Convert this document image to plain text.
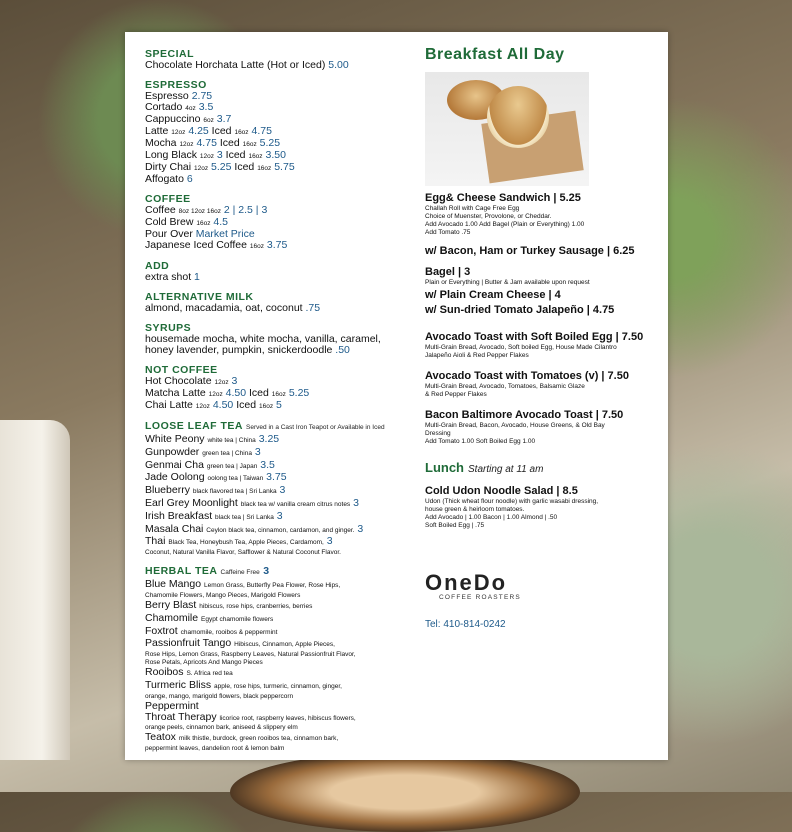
SPECIAL
Chocolate Horchata Latte (Hot or Iced) 5.00
ESPRESSO
Espresso 2.75
Cortado 4oz 3.5
Cappuccino 6oz 3.7
Latte 12oz 4.25 Iced 16oz 4.75
Mocha 12oz 4.75 Iced 16oz 5.25
Long Black 12oz 3 Iced 16oz 3.50
Dirty Chai 12oz 5.25 Iced 16oz 5.75
Affogato 6
COFFEE
Coffee 8oz 12oz 16oz 2 | 2.5 | 3
Cold Brew 16oz 4.5
Pour Over Market Price
Japanese Iced Coffee 16oz 3.75
ADD
extra shot 1
ALTERNATIVE MILK
almond, macadamia, oat, coconut .75
SYRUPS
housemade mocha, white mocha, vanilla, caramel,
honey lavender, pumpkin, snickerdoodle .50
NOT COFFEE
Hot Chocolate 12oz 3
Matcha Latte 12oz 4.50 Iced 16oz 5.25
Chai Latte 12oz 4.50 Iced 16oz 5
LOOSE LEAF TEA Served in a Cast Iron Teapot or Available in Iced
White Peony white tea | China 3.25
Gunpowder green tea | China 3
Genmai Cha green tea | Japan 3.5
Jade Oolong oolong tea | Taiwan 3.75
Blueberry black flavored tea | Sri Lanka 3
Earl Grey Moonlight black tea w/ vanilla cream citrus notes 3
Irish Breakfast black tea | Sri Lanka 3
Masala Chai Ceylon black tea, cinnamon, cardamon, and ginger. 3
Thai Black Tea, Honeybush Tea, Apple Pieces, Cardamom, 3
Coconut, Natural Vanilla Flavor, Safflower & Natural Coconut Flavor.
HERBAL TEA Caffeine Free 3
Blue Mango Lemon Grass, Butterfly Pea Flower, Rose Hips,
Chamomile Flowers, Mango Pieces, Marigold Flowers
Berry Blast hibiscus, rose hips, cranberries, berries
Chamomile Egypt chamomile flowers
Foxtrot chamomile, rooibos & peppermint
Passionfruit Tango Hibiscus, Cinnamon, Apple Pieces,
Rose Hips, Lemon Grass, Raspberry Leaves, Natural Passionfruit Flavor,
Rose Petals, Apricots And Mango Pieces
Rooibos S. Africa red tea
Turmeric Bliss apple, rose hips, turmeric, cinnamon, ginger,
orange, mango, marigold flowers, black peppercorn
Peppermint
Throat Therapy licorice root, raspberry leaves, hibiscus flowers,
orange peels, cinnamon bark, aniseed & slippery elm
Teatox milk thistle, burdock, green rooibos tea, cinnamon bark,
peppermint leaves, dandelion root & lemon balm
Breakfast All Day
Egg& Cheese Sandwich | 5.25
Challah Roll with Cage Free Egg
Choice of Muenster, Provolone, or Cheddar.
Add Avocado 1.00 Add Bagel (Plain or Everything) 1.00
Add Tomato .75
w/ Bacon, Ham or Turkey Sausage | 6.25
Bagel | 3
Plain or Everything | Butter & Jam available upon request
w/ Plain Cream Cheese | 4
w/ Sun-dried Tomato Jalapeño | 4.75
Avocado Toast with Soft Boiled Egg | 7.50
Multi-Grain Bread, Avocado, Soft boiled Egg, House Made Cilantro
Jalapeño Aioli & Red Pepper Flakes
Avocado Toast with Tomatoes (v) | 7.50
Multi-Grain Bread, Avocado, Tomatoes, Balsamic Glaze
& Red Pepper Flakes
Bacon Baltimore Avocado Toast | 7.50
Multi-Grain Bread, Bacon, Avocado, House Greens, & Old Bay
Dressing
Add Tomato 1.00 Soft Boiled Egg 1.00
Lunch Starting at 11 am
Cold Udon Noodle Salad | 8.5
Udon (Thick wheat flour noodle) with garlic wasabi dressing,
house green & heirloom tomatoes.
Add Avocado | 1.00 Bacon | 1.00 Almond | .50
Soft Boiled Egg | .75
OneDo
COFFEE ROASTERS
Tel: 410-814-0242
menupix
